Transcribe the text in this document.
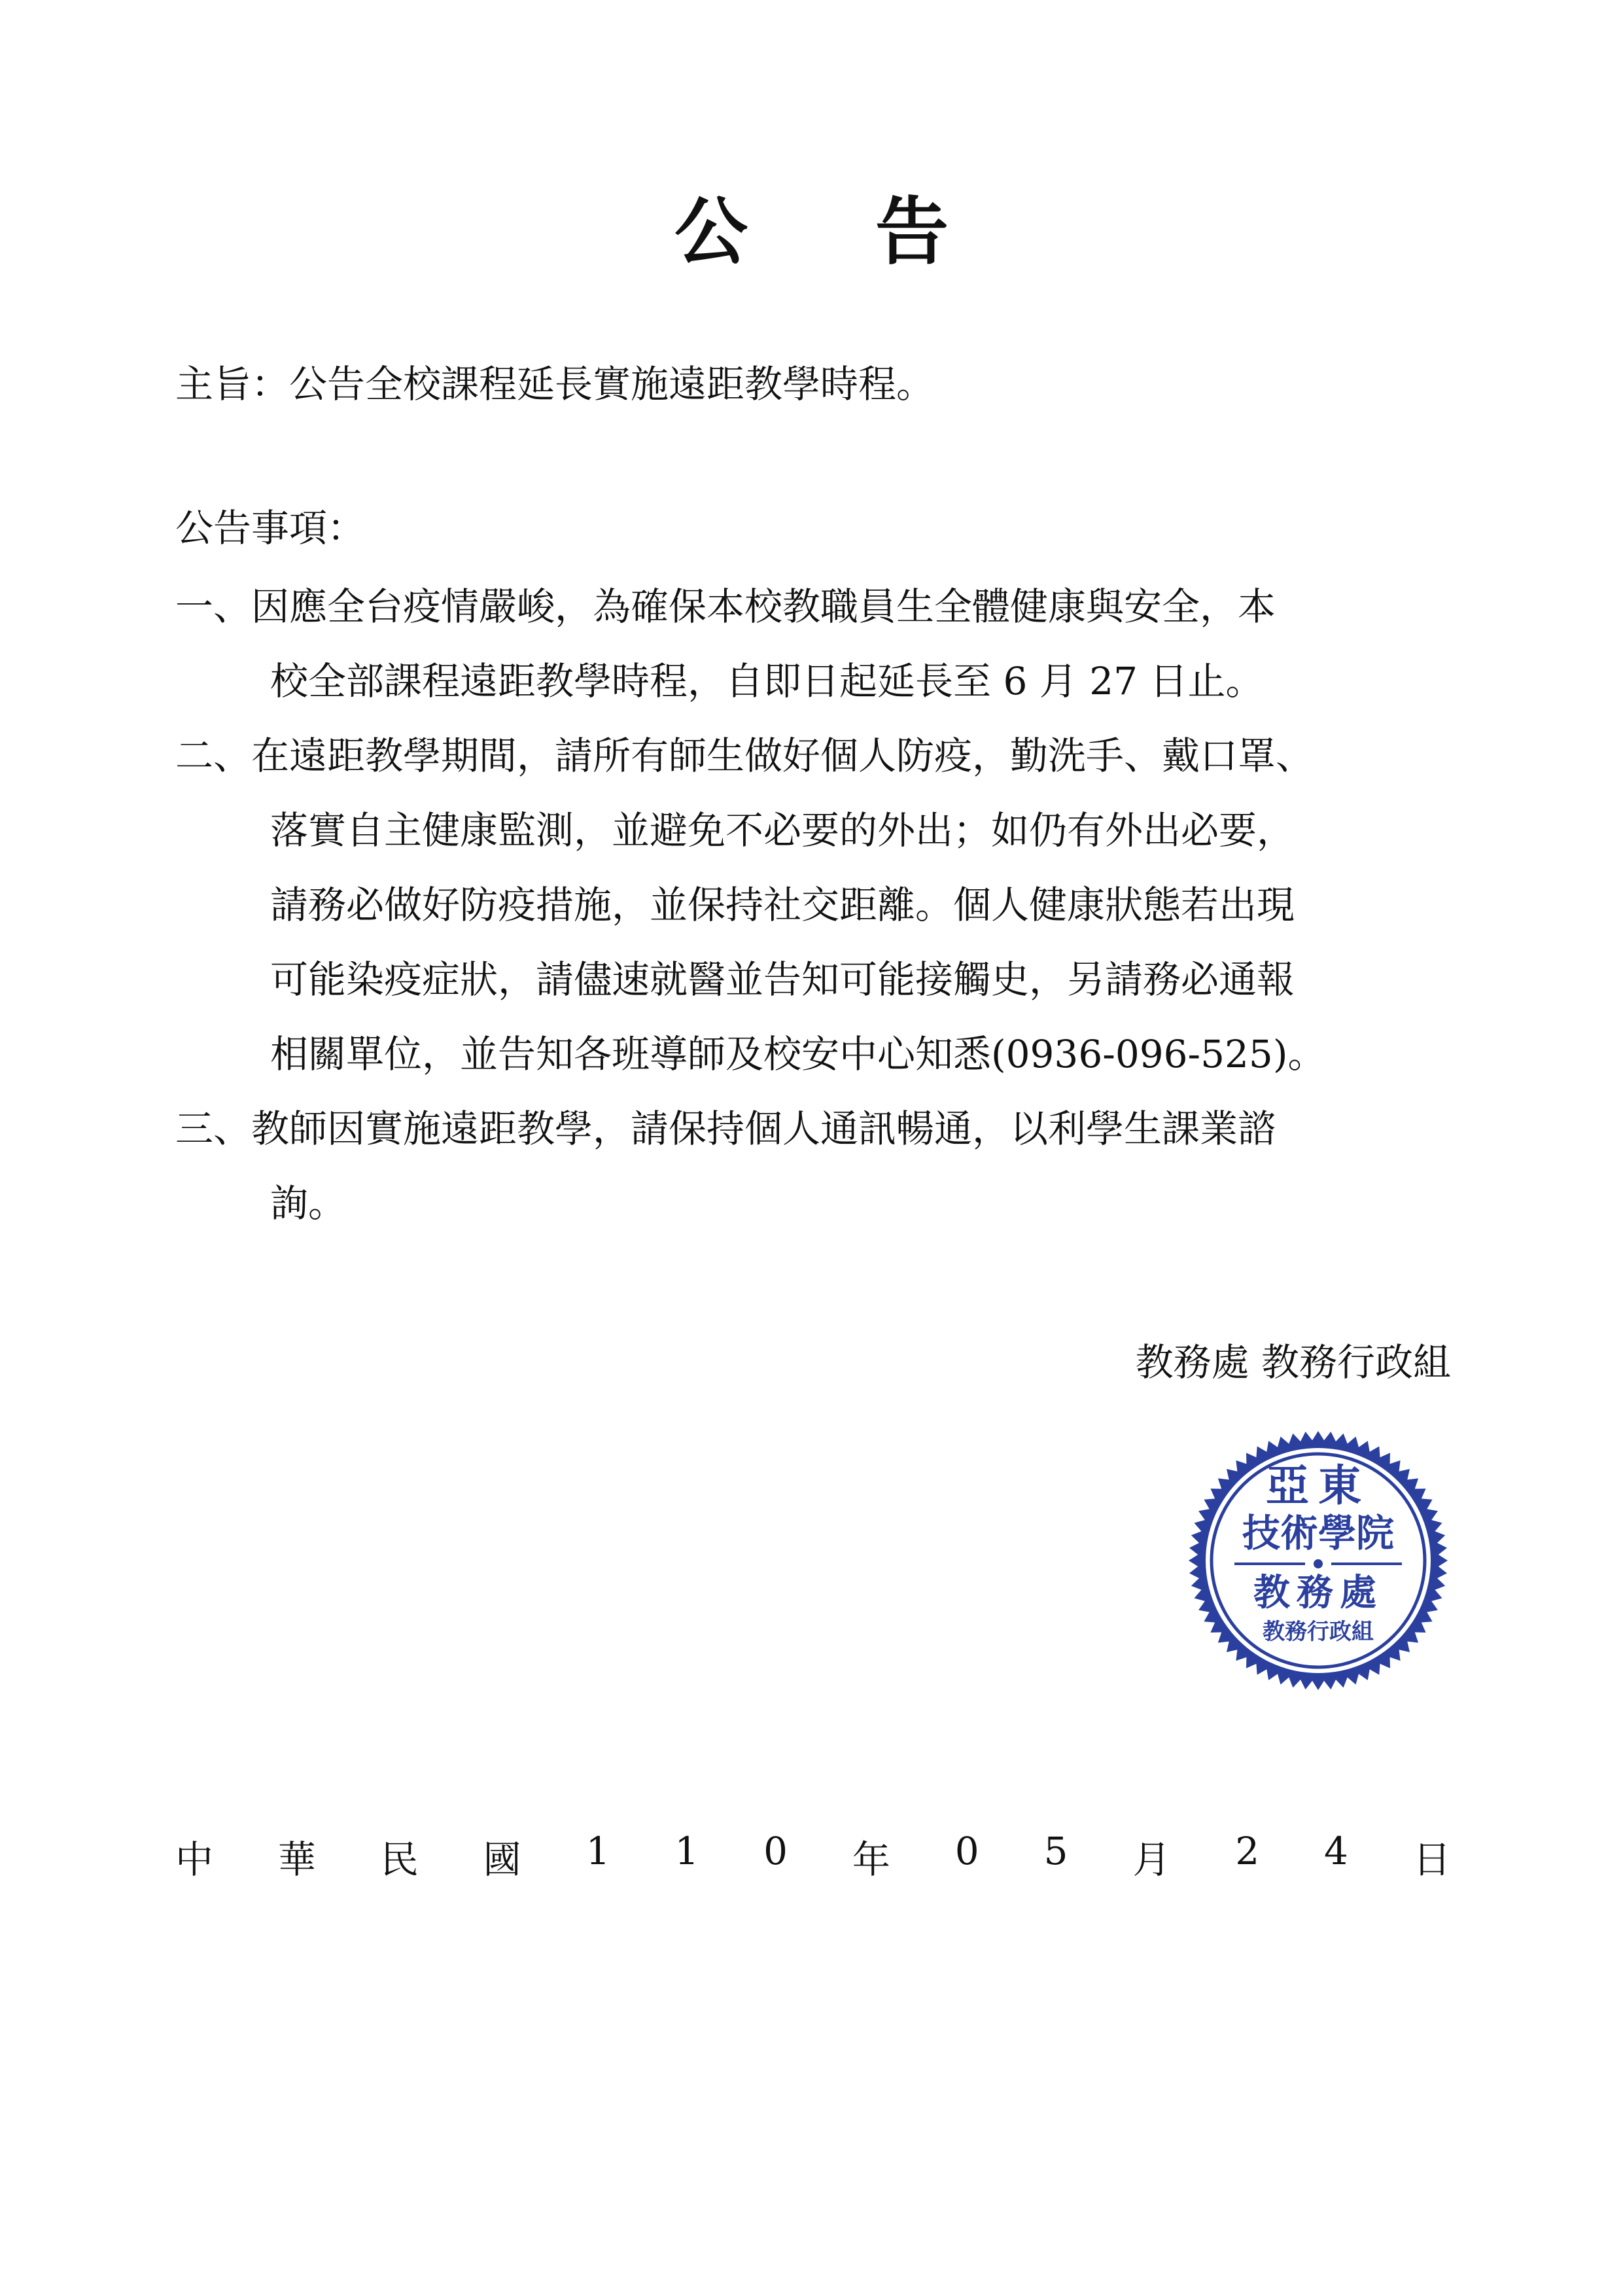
公告
主旨：公告全校課程延長實施遠距教學時程。
公告事項：
一、因應全台疫情嚴峻，為確保本校教職員生全體健康與安全，本
校全部課程遠距教學時程，自即日起延長至 6 月 27 日止。
二、在遠距教學期間，請所有師生做好個人防疫，勤洗手、戴口罩、
落實自主健康監測，並避免不必要的外出；如仍有外出必要，
請務必做好防疫措施，並保持社交距離。個人健康狀態若出現
可能染疫症狀，請儘速就醫並告知可能接觸史，另請務必通報
相關單位，並告知各班導師及校安中心知悉(0936-096-525)。
三、教師因實施遠距教學，請保持個人通訊暢通，以利學生課業諮
詢。
教務處 教務行政組
亞東
技術學院
教務處
教務行政組
中 華 民 國 1 1 0 年 0 5 月 2 4 日
